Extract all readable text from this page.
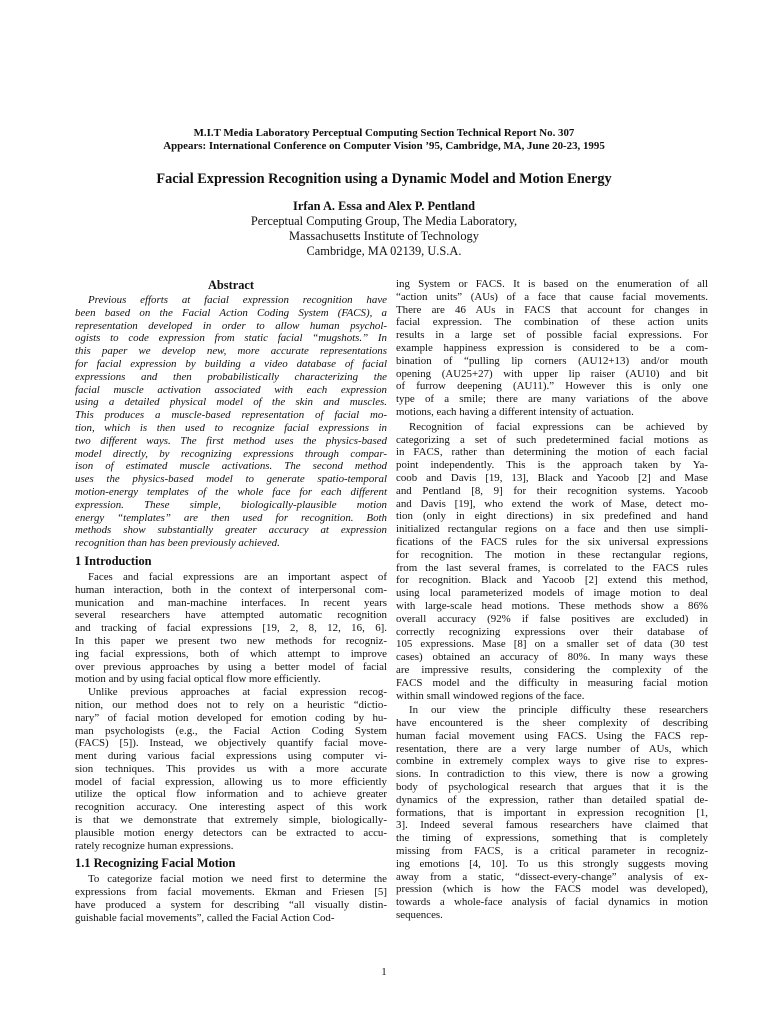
M.I.T Media Laboratory Perceptual Computing Section Technical Report No. 307
Appears: International Conference on Computer Vision ’95, Cambridge, MA, June 20-23, 1995
Facial Expression Recognition using a Dynamic Model and Motion Energy
Irfan A. Essa and Alex P. Pentland
Perceptual Computing Group, The Media Laboratory,
Massachusetts Institute of Technology
Cambridge, MA 02139, U.S.A.
Abstract
Previous efforts at facial expression recognition have
been based on the Facial Action Coding System (FACS), a
representation developed in order to allow human psychol-
ogists to code expression from static facial “mugshots.” In
this paper we develop new, more accurate representations
for facial expression by building a video database of facial
expressions and then probabilistically characterizing the
facial muscle activation associated with each expression
using a detailed physical model of the skin and muscles.
This produces a muscle-based representation of facial mo-
tion, which is then used to recognize facial expressions in
two different ways. The first method uses the physics-based
model directly, by recognizing expressions through compar-
ison of estimated muscle activations. The second method
uses the physics-based model to generate spatio-temporal
motion-energy templates of the whole face for each different
expression. These simple, biologically-plausible motion
energy “templates” are then used for recognition. Both
methods show substantially greater accuracy at expression
recognition than has been previously achieved.
1 Introduction
Faces and facial expressions are an important aspect of
human interaction, both in the context of interpersonal com-
munication and man-machine interfaces. In recent years
several researchers have attempted automatic recognition
and tracking of facial expressions [19, 2, 8, 12, 16, 6].
In this paper we present two new methods for recogniz-
ing facial expressions, both of which attempt to improve
over previous approaches by using a better model of facial
motion and by using facial optical flow more efficiently.
Unlike previous approaches at facial expression recog-
nition, our method does not to rely on a heuristic “dictio-
nary” of facial motion developed for emotion coding by hu-
man psychologists (e.g., the Facial Action Coding System
(FACS) [5]). Instead, we objectively quantify facial move-
ment during various facial expressions using computer vi-
sion techniques. This provides us with a more accurate
model of facial expression, allowing us to more efficiently
utilize the optical flow information and to achieve greater
recognition accuracy. One interesting aspect of this work
is that we demonstrate that extremely simple, biologically-
plausible motion energy detectors can be extracted to accu-
rately recognize human expressions.
1.1 Recognizing Facial Motion
To categorize facial motion we need first to determine the
expressions from facial movements. Ekman and Friesen [5]
have produced a system for describing “all visually distin-
guishable facial movements”, called the Facial Action Cod-
ing System or FACS. It is based on the enumeration of all
“action units” (AUs) of a face that cause facial movements.
There are 46 AUs in FACS that account for changes in
facial expression. The combination of these action units
results in a large set of possible facial expressions. For
example happiness expression is considered to be a com-
bination of “pulling lip corners (AU12+13) and/or mouth
opening (AU25+27) with upper lip raiser (AU10) and bit
of furrow deepening (AU11).” However this is only one
type of a smile; there are many variations of the above
motions, each having a different intensity of actuation.
Recognition of facial expressions can be achieved by
categorizing a set of such predetermined facial motions as
in FACS, rather than determining the motion of each facial
point independently. This is the approach taken by Ya-
coob and Davis [19, 13], Black and Yacoob [2] and Mase
and Pentland [8, 9] for their recognition systems. Yacoob
and Davis [19], who extend the work of Mase, detect mo-
tion (only in eight directions) in six predefined and hand
initialized rectangular regions on a face and then use simpli-
fications of the FACS rules for the six universal expressions
for recognition. The motion in these rectangular regions,
from the last several frames, is correlated to the FACS rules
for recognition. Black and Yacoob [2] extend this method,
using local parameterized models of image motion to deal
with large-scale head motions. These methods show a 86%
overall accuracy (92% if false positives are excluded) in
correctly recognizing expressions over their database of
105 expressions. Mase [8] on a smaller set of data (30 test
cases) obtained an accuracy of 80%. In many ways these
are impressive results, considering the complexity of the
FACS model and the difficulty in measuring facial motion
within small windowed regions of the face.
In our view the principle difficulty these researchers
have encountered is the sheer complexity of describing
human facial movement using FACS. Using the FACS rep-
resentation, there are a very large number of AUs, which
combine in extremely complex ways to give rise to expres-
sions. In contradiction to this view, there is now a growing
body of psychological research that argues that it is the
dynamics of the expression, rather than detailed spatial de-
formations, that is important in expression recognition [1,
3]. Indeed several famous researchers have claimed that
the timing of expressions, something that is completely
missing from FACS, is a critical parameter in recogniz-
ing emotions [4, 10]. To us this strongly suggests moving
away from a static, “dissect-every-change” analysis of ex-
pression (which is how the FACS model was developed),
towards a whole-face analysis of facial dynamics in motion
sequences.
1
